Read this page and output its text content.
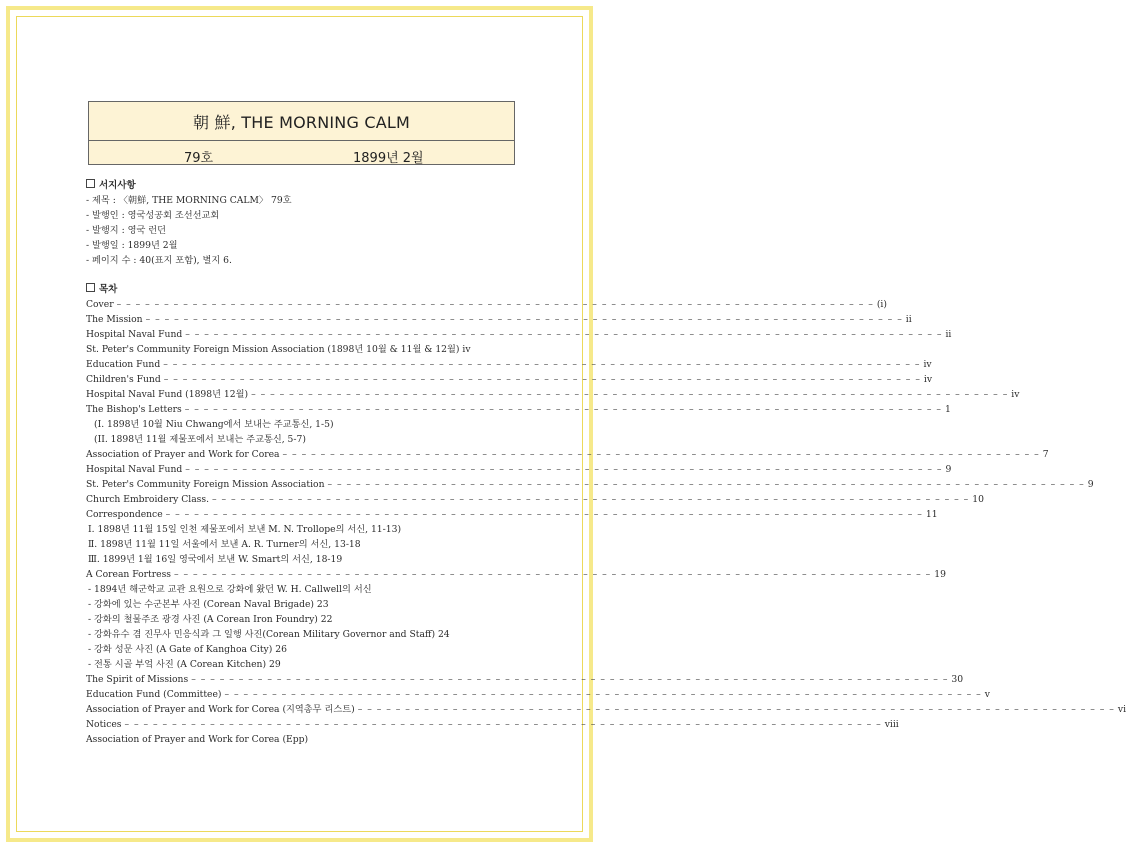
朝 鮮, THE MORNING CALM
79호	1899년 2월
서지사항
- 제목 : 〈朝鮮, THE MORNING CALM〉 79호
- 발행인 : 영국성공회 조선선교회
- 발행지 : 영국 런던
- 발행일 : 1899년 2월
- 페이지 수 : 40(표지 포함), 별지 6.
목차
Cover – – – – – – – – – – – – – – – – – – – – – – – – – – – – – – – – – – – – – – – – – – – – – – – – – – – – – – – – – – – – – – – – – – – – – – – – – – – – – – – – (i)
The Mission – – – – – – – – – – – – – – – – – – – – – – – – – – – – – – – – – – – – – – – – – – – – – – – – – – – – – – – – – – – – – – – – – – – – – – – – – – – – – – – – ii
Hospital Naval Fund – – – – – – – – – – – – – – – – – – – – – – – – – – – – – – – – – – – – – – – – – – – – – – – – – – – – – – – – – – – – – – – – – – – – – – – – – – – – – – – – ii
St. Peter's Community Foreign Mission Association (1898년 10월 & 11월 & 12월) iv
Education Fund – – – – – – – – – – – – – – – – – – – – – – – – – – – – – – – – – – – – – – – – – – – – – – – – – – – – – – – – – – – – – – – – – – – – – – – – – – – – – – – – iv
Children's Fund – – – – – – – – – – – – – – – – – – – – – – – – – – – – – – – – – – – – – – – – – – – – – – – – – – – – – – – – – – – – – – – – – – – – – – – – – – – – – – – – iv
Hospital Naval Fund (1898년 12월) – – – – – – – – – – – – – – – – – – – – – – – – – – – – – – – – – – – – – – – – – – – – – – – – – – – – – – – – – – – – – – – – – – – – – – – – – – – – – – – – iv
The Bishop's Letters – – – – – – – – – – – – – – – – – – – – – – – – – – – – – – – – – – – – – – – – – – – – – – – – – – – – – – – – – – – – – – – – – – – – – – – – – – – – – – – – 1
(I. 1898년 10월 Niu Chwang에서 보내는 주교통신, 1-5)
(II. 1898년 11월 제물포에서 보내는 주교통신, 5-7)
Association of Prayer and Work for Corea – – – – – – – – – – – – – – – – – – – – – – – – – – – – – – – – – – – – – – – – – – – – – – – – – – – – – – – – – – – – – – – – – – – – – – – – – – – – – – – – 7
Hospital Naval Fund – – – – – – – – – – – – – – – – – – – – – – – – – – – – – – – – – – – – – – – – – – – – – – – – – – – – – – – – – – – – – – – – – – – – – – – – – – – – – – – – 9
St. Peter's Community Foreign Mission Association – – – – – – – – – – – – – – – – – – – – – – – – – – – – – – – – – – – – – – – – – – – – – – – – – – – – – – – – – – – – – – – – – – – – – – – – – – – – – – – – 9
Church Embroidery Class. – – – – – – – – – – – – – – – – – – – – – – – – – – – – – – – – – – – – – – – – – – – – – – – – – – – – – – – – – – – – – – – – – – – – – – – – – – – – – – – – 10
Correspondence – – – – – – – – – – – – – – – – – – – – – – – – – – – – – – – – – – – – – – – – – – – – – – – – – – – – – – – – – – – – – – – – – – – – – – – – – – – – – – – – 11
Ⅰ. 1898년 11월 15일 인천 제물포에서 보낸 M. N. Trollope의 서신, 11-13)
Ⅱ. 1898년 11월 11일 서울에서 보낸 A. R. Turner의 서신, 13-18
Ⅲ. 1899년 1월 16일 영국에서 보낸 W. Smart의 서신, 18-19
A Corean Fortress – – – – – – – – – – – – – – – – – – – – – – – – – – – – – – – – – – – – – – – – – – – – – – – – – – – – – – – – – – – – – – – – – – – – – – – – – – – – – – – – 19
- 1894년 해군학교 교관 요원으로 강화에 왔던 W. H. Callwell의 서신
- 강화에 있는 수군본부 사진 (Corean Naval Brigade) 23
- 강화의 철물주조 광경 사진 (A Corean Iron Foundry) 22
- 강화유수 겸 진무사 민응식과 그 일행 사진(Corean Military Governor and Staff) 24
- 강화 성문 사진 (A Gate of Kanghoa City) 26
- 전통 시골 부엌 사진 (A Corean Kitchen) 29
The Spirit of Missions – – – – – – – – – – – – – – – – – – – – – – – – – – – – – – – – – – – – – – – – – – – – – – – – – – – – – – – – – – – – – – – – – – – – – – – – – – – – – – – – 30
Education Fund (Committee) – – – – – – – – – – – – – – – – – – – – – – – – – – – – – – – – – – – – – – – – – – – – – – – – – – – – – – – – – – – – – – – – – – – – – – – – – – – – – – – – v
Association of Prayer and Work for Corea (지역총무 리스트) – – – – – – – – – – – – – – – – – – – – – – – – – – – – – – – – – – – – – – – – – – – – – – – – – – – – – – – – – – – – – – – – – – – – – – – – – – – – – – – – vi
Notices – – – – – – – – – – – – – – – – – – – – – – – – – – – – – – – – – – – – – – – – – – – – – – – – – – – – – – – – – – – – – – – – – – – – – – – – – – – – – – – – viii
Association of Prayer and Work for Corea (Epp)
